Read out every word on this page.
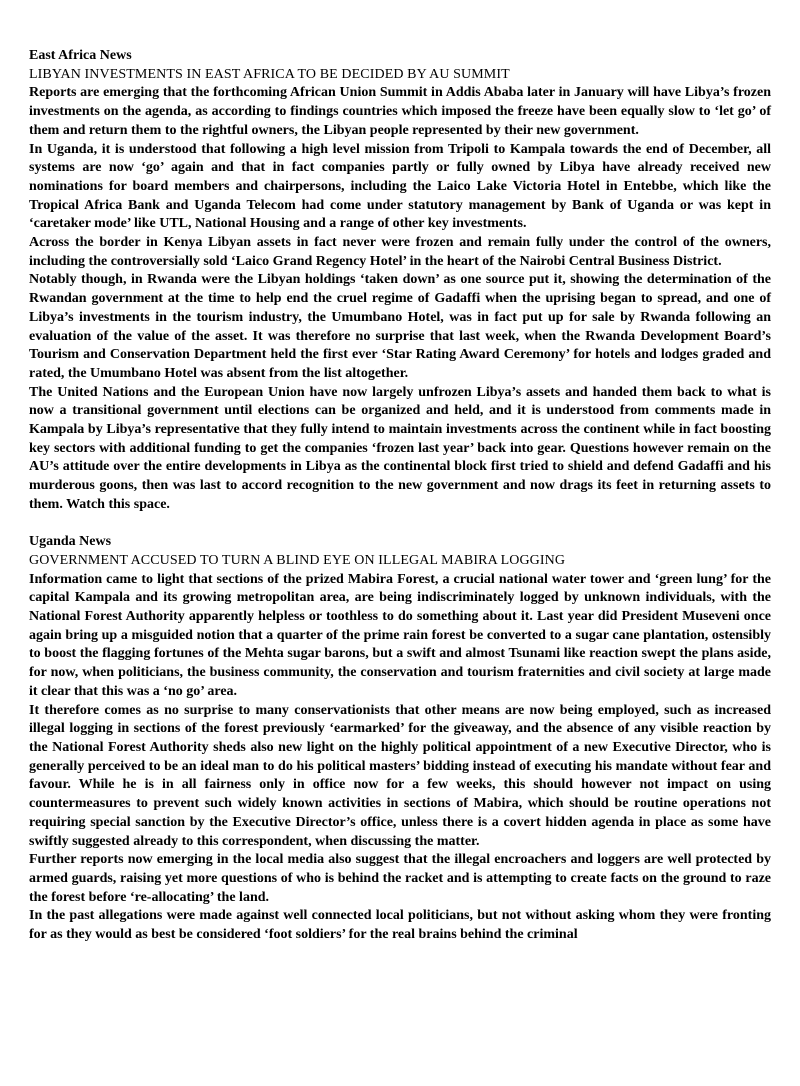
East Africa News

LIBYAN INVESTMENTS IN EAST AFRICA TO BE DECIDED BY AU SUMMIT

Reports are emerging that the forthcoming African Union Summit in Addis Ababa later in January will have Libya’s frozen investments on the agenda, as according to findings countries which imposed the freeze have been equally slow to ‘let go’ of them and return them to the rightful owners, the Libyan people represented by their new government.

In Uganda, it is understood that following a high level mission from Tripoli to Kampala towards the end of December, all systems are now ‘go’ again and that in fact companies partly or fully owned by Libya have already received new nominations for board members and chairpersons, including the Laico Lake Victoria Hotel in Entebbe, which like the Tropical Africa Bank and Uganda Telecom had come under statutory management by Bank of Uganda or was kept in ‘caretaker mode’ like UTL, National Housing and a range of other key investments.

Across the border in Kenya Libyan assets in fact never were frozen and remain fully under the control of the owners, including the controversially sold ‘Laico Grand Regency Hotel’ in the heart of the Nairobi Central Business District.

Notably though, in Rwanda were the Libyan holdings ‘taken down’ as one source put it, showing the determination of the Rwandan government at the time to help end the cruel regime of Gadaffi when the uprising began to spread, and one of Libya’s investments in the tourism industry, the Umumbano Hotel, was in fact put up for sale by Rwanda following an evaluation of the value of the asset. It was therefore no surprise that last week, when the Rwanda Development Board’s Tourism and Conservation Department held the first ever ‘Star Rating Award Ceremony’ for hotels and lodges graded and rated, the Umumbano Hotel was absent from the list altogether.

The United Nations and the European Union have now largely unfrozen Libya’s assets and handed them back to what is now a transitional government until elections can be organized and held, and it is understood from comments made in Kampala by Libya’s representative that they fully intend to maintain investments across the continent while in fact boosting key sectors with additional funding to get the companies ‘frozen last year’ back into gear. Questions however remain on the AU’s attitude over the entire developments in Libya as the continental block first tried to shield and defend Gadaffi and his murderous goons, then was last to accord recognition to the new government and now drags its feet in returning assets to them. Watch this space.

Uganda News

GOVERNMENT ACCUSED TO TURN A BLIND EYE ON ILLEGAL MABIRA LOGGING

Information came to light that sections of the prized Mabira Forest, a crucial national water tower and ‘green lung’ for the capital Kampala and its growing metropolitan area, are being indiscriminately logged by unknown individuals, with the National Forest Authority apparently helpless or toothless to do something about it. Last year did President Museveni once again bring up a misguided notion that a quarter of the prime rain forest be converted to a sugar cane plantation, ostensibly to boost the flagging fortunes of the Mehta sugar barons, but a swift and almost Tsunami like reaction swept the plans aside, for now, when politicians, the business community, the conservation and tourism fraternities and civil society at large made it clear that this was a ‘no go’ area.

It therefore comes as no surprise to many conservationists that other means are now being employed, such as increased illegal logging in sections of the forest previously ‘earmarked’ for the giveaway, and the absence of any visible reaction by the National Forest Authority sheds also new light on the highly political appointment of a new Executive Director, who is generally perceived to be an ideal man to do his political masters’ bidding instead of executing his mandate without fear and favour. While he is in all fairness only in office now for a few weeks, this should however not impact on using countermeasures to prevent such widely known activities in sections of Mabira, which should be routine operations not requiring special sanction by the Executive Director’s office, unless there is a covert hidden agenda in place as some have swiftly suggested already to this correspondent, when discussing the matter.

Further reports now emerging in the local media also suggest that the illegal encroachers and loggers are well protected by armed guards, raising yet more questions of who is behind the racket and is attempting to create facts on the ground to raze the forest before ‘re-allocating’ the land.

In the past allegations were made against well connected local politicians, but not without asking whom they were fronting for as they would as best be considered ‘foot soldiers’ for the real brains behind the criminal
